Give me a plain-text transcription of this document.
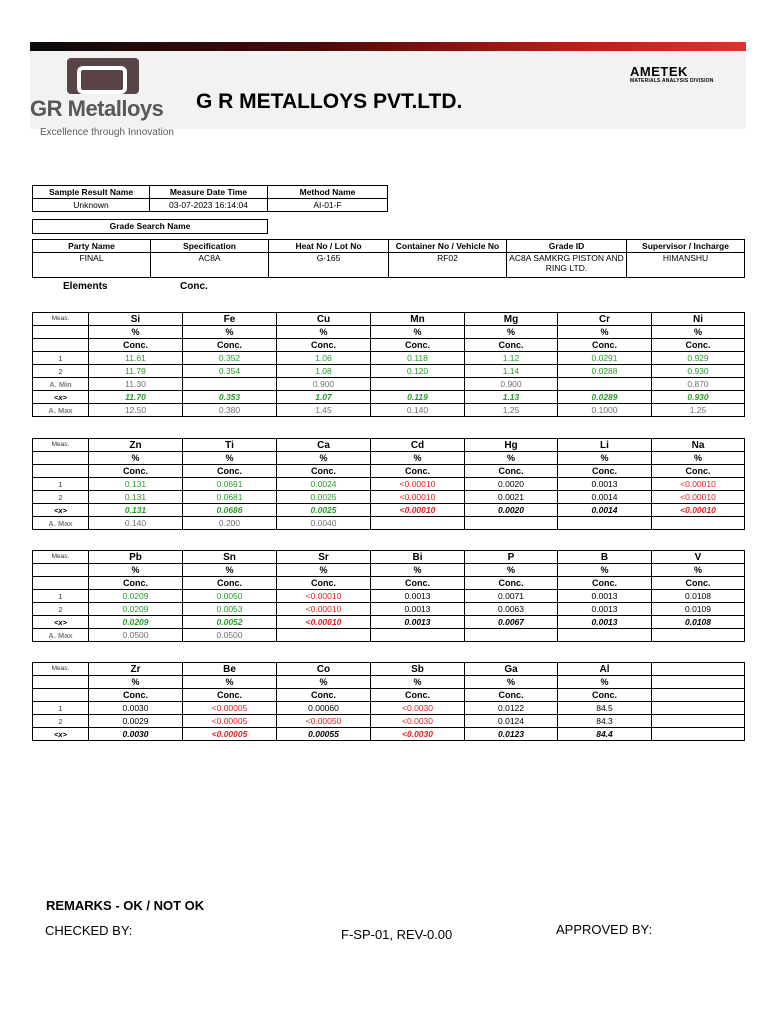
GR Metalloys
Excellence through Innovation
G R METALLOYS PVT.LTD.
AMETEK
MATERIALS ANALYSIS DIVISION
Sample Result Name	Measure Date Time	Method Name
Unknown	03-07-2023 16:14:04	AI-01-F
Grade Search Name
Party Name	Specification	Heat No / Lot No	Container No / Vehicle No	Grade ID	Supervisor / Incharge
FINAL	AC8A	G-165	RF02	AC8A SAMKRG PISTON AND RING LTD.	HIMANSHU
Elements	Conc.
Meas.	Si	Fe	Cu	Mn	Mg	Cr	Ni
	%	%	%	%	%	%	%
	Conc.	Conc.	Conc.	Conc.	Conc.	Conc.	Conc.
1	11.61	0.352	1.06	0.118	1.12	0.0291	0.929
2	11.79	0.354	1.08	0.120	1.14	0.0288	0.930
A. Min	11.30		0.900		0.900		0.870
<x>	11.70	0.353	1.07	0.119	1.13	0.0289	0.930
A. Max	12.50	0.380	1.45	0.140	1.25	0.1000	1.25
Meas.	Zn	Ti	Ca	Cd	Hg	Li	Na
	%	%	%	%	%	%	%
	Conc.	Conc.	Conc.	Conc.	Conc.	Conc.	Conc.
1	0.131	0.0691	0.0024	<0.00010	0.0020	0.0013	<0.00010
2	0.131	0.0681	0.0025	<0.00010	0.0021	0.0014	<0.00010
<x>	0.131	0.0686	0.0025	<0.00010	0.0020	0.0014	<0.00010
A. Max	0.140	0.200	0.0040				
Meas.	Pb	Sn	Sr	Bi	P	B	V
	%	%	%	%	%	%	%
	Conc.	Conc.	Conc.	Conc.	Conc.	Conc.	Conc.
1	0.0209	0.0050	<0.00010	0.0013	0.0071	0.0013	0.0108
2	0.0209	0.0053	<0.00010	0.0013	0.0063	0.0013	0.0109
<x>	0.0209	0.0052	<0.00010	0.0013	0.0067	0.0013	0.0108
A. Max	0.0500	0.0500					
Meas.	Zr	Be	Co	Sb	Ga	Al	
	%	%	%	%	%	%	
	Conc.	Conc.	Conc.	Conc.	Conc.	Conc.	
1	0.0030	<0.00005	0.00060	<0.0030	0.0122	84.5	
2	0.0029	<0.00005	<0.00050	<0.0030	0.0124	84.3	
<x>	0.0030	<0.00005	0.00055	<0.0030	0.0123	84.4	
REMARKS - OK / NOT OK
CHECKED BY:	F-SP-01, REV-0.00	APPROVED BY:
